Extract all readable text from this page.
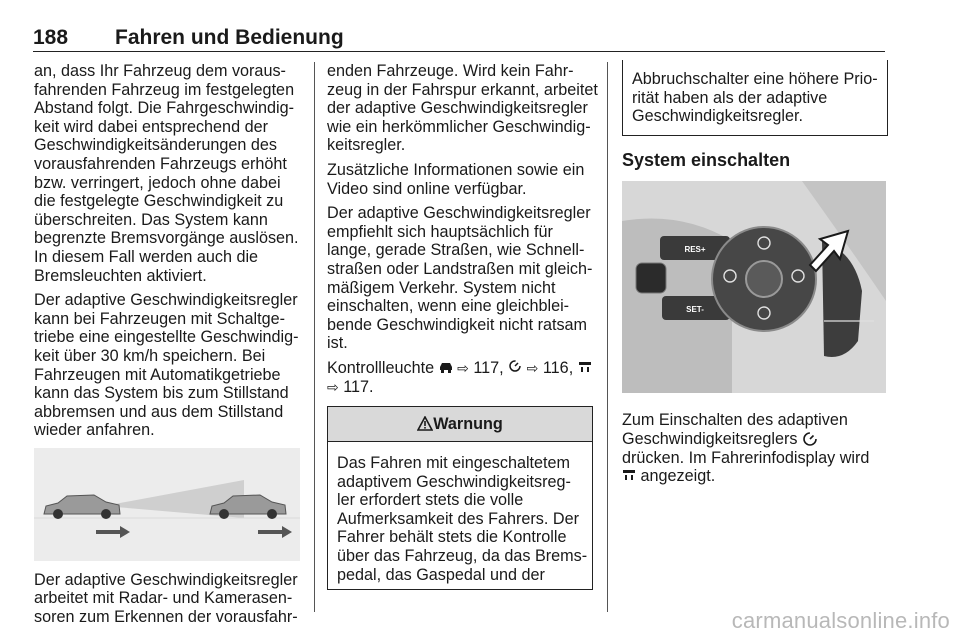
188 Fahren und Bedienung

an, dass Ihr Fahrzeug dem voraus-
fahrenden Fahrzeug im festgelegten
Abstand folgt. Die Fahrgeschwindig-
keit wird dabei entsprechend der
Geschwindigkeitsänderungen des
vorausfahrenden Fahrzeugs erhöht
bzw. verringert, jedoch ohne dabei
die festgelegte Geschwindigkeit zu
überschreiten. Das System kann
begrenzte Bremsvorgänge auslösen.
In diesem Fall werden auch die
Bremsleuchten aktiviert.

Der adaptive Geschwindigkeitsregler
kann bei Fahrzeugen mit Schaltge-
triebe eine eingestellte Geschwindig-
keit über 30 km/h speichern. Bei
Fahrzeugen mit Automatikgetriebe
kann das System bis zum Stillstand
abbremsen und aus dem Stillstand
wieder anfahren.

Der adaptive Geschwindigkeitsregler
arbeitet mit Radar- und Kamerasen-
soren zum Erkennen der vorausfahr-

enden Fahrzeuge. Wird kein Fahr-
zeug in der Fahrspur erkannt, arbeitet
der adaptive Geschwindigkeitsregler
wie ein herkömmlicher Geschwindig-
keitsregler.

Zusätzliche Informationen sowie ein
Video sind online verfügbar.

Der adaptive Geschwindigkeitsregler
empfiehlt sich hauptsächlich für
lange, gerade Straßen, wie Schnell-
straßen oder Landstraßen mit gleich-
mäßigem Verkehr. System nicht
einschalten, wenn eine gleichblei-
bende Geschwindigkeit nicht ratsam
ist.

Kontrollleuchte  ⇨ 117,  ⇨ 116,
⇨ 117.

Warnung
Das Fahren mit eingeschaltetem
adaptivem Geschwindigkeitsreg-
ler erfordert stets die volle
Aufmerksamkeit des Fahrers. Der
Fahrer behält stets die Kontrolle
über das Fahrzeug, da das Brems-
pedal, das Gaspedal und der
Abbruchschalter eine höhere Prio-
rität haben als der adaptive
Geschwindigkeitsregler.
System einschalten
RES+
SET-

Zum Einschalten des adaptiven
Geschwindigkeitsreglers
drücken. Im Fahrerinfodisplay wird
angezeigt.

carmanualsonline.info
